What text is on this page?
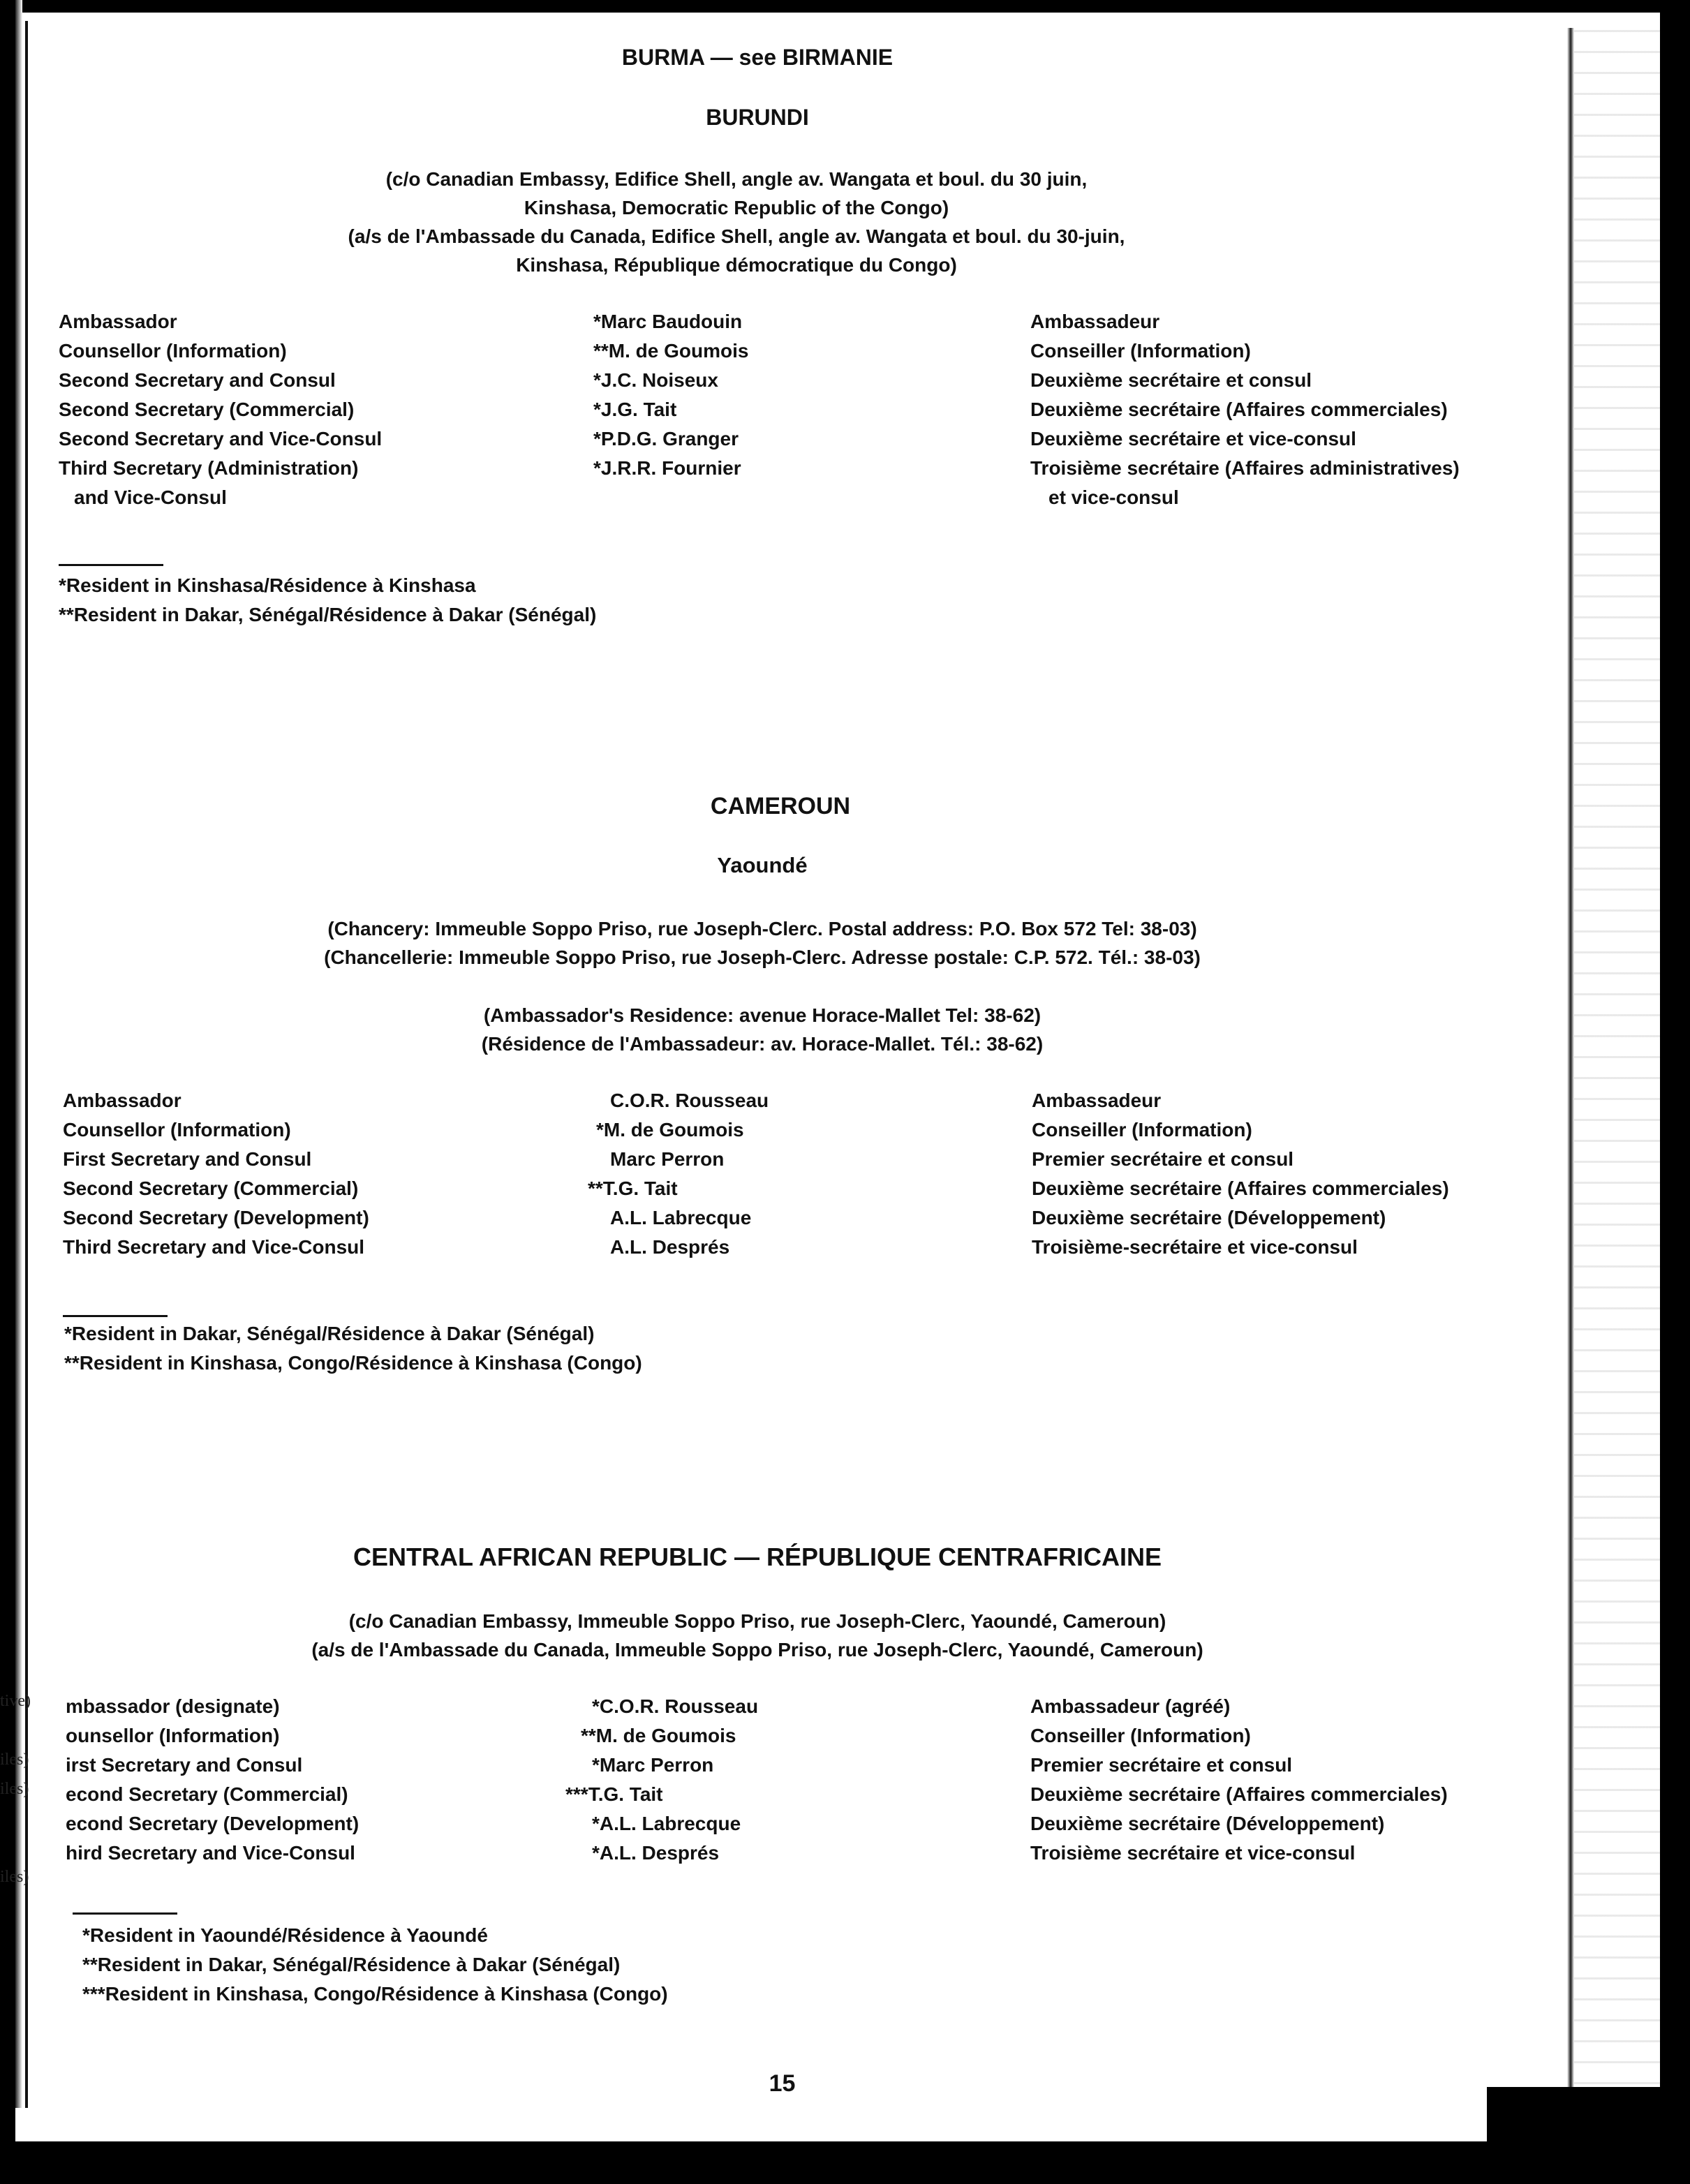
tive)
iles)
iles)
iles)
BURMA — see BIRMANIE
BURUNDI
(c/o Canadian Embassy, Edifice Shell, angle av. Wangata et boul. du 30 juin,
Kinshasa, Democratic Republic of the Congo)
(a/s de l'Ambassade du Canada, Edifice Shell, angle av. Wangata et boul. du 30-juin,
Kinshasa, République démocratique du Congo)
Ambassador
Counsellor (Information)
Second Secretary and Consul
Second Secretary (Commercial)
Second Secretary and Vice-Consul
Third Secretary (Administration)
and Vice-Consul
*Marc Baudouin
**M. de Goumois
*J.C. Noiseux
*J.G. Tait
*P.D.G. Granger
*J.R.R. Fournier
Ambassadeur
Conseiller (Information)
Deuxième secrétaire et consul
Deuxième secrétaire (Affaires commerciales)
Deuxième secrétaire et vice-consul
Troisième secrétaire (Affaires administratives)
et vice-consul
*Resident in Kinshasa/Résidence à Kinshasa
**Resident in Dakar, Sénégal/Résidence à Dakar (Sénégal)
CAMEROUN
Yaoundé
(Chancery: Immeuble Soppo Priso, rue Joseph-Clerc. Postal address: P.O. Box 572 Tel: 38-03)
(Chancellerie: Immeuble Soppo Priso, rue Joseph-Clerc. Adresse postale: C.P. 572. Tél.: 38-03)
(Ambassador's Residence: avenue Horace-Mallet Tel: 38-62)
(Résidence de l'Ambassadeur: av. Horace-Mallet. Tél.: 38-62)
Ambassador
Counsellor (Information)
First Secretary and Consul
Second Secretary (Commercial)
Second Secretary (Development)
Third Secretary and Vice-Consul
C.O.R. Rousseau
*M. de Goumois
Marc Perron
**T.G. Tait
A.L. Labrecque
A.L. Després
Ambassadeur
Conseiller (Information)
Premier secrétaire et consul
Deuxième secrétaire (Affaires commerciales)
Deuxième secrétaire (Développement)
Troisième-secrétaire et vice-consul
*Resident in Dakar, Sénégal/Résidence à Dakar (Sénégal)
**Resident in Kinshasa, Congo/Résidence à Kinshasa (Congo)
CENTRAL AFRICAN REPUBLIC — RÉPUBLIQUE CENTRAFRICAINE
(c/o Canadian Embassy, Immeuble Soppo Priso, rue Joseph-Clerc, Yaoundé, Cameroun)
(a/s de l'Ambassade du Canada, Immeuble Soppo Priso, rue Joseph-Clerc, Yaoundé, Cameroun)
mbassador (designate)
ounsellor (Information)
irst Secretary and Consul
econd Secretary (Commercial)
econd Secretary (Development)
hird Secretary and Vice-Consul
*C.O.R. Rousseau
**M. de Goumois
*Marc Perron
***T.G. Tait
*A.L. Labrecque
*A.L. Després
Ambassadeur (agréé)
Conseiller (Information)
Premier secrétaire et consul
Deuxième secrétaire (Affaires commerciales)
Deuxième secrétaire (Développement)
Troisième secrétaire et vice-consul
*Resident in Yaoundé/Résidence à Yaoundé
**Resident in Dakar, Sénégal/Résidence à Dakar (Sénégal)
***Resident in Kinshasa, Congo/Résidence à Kinshasa (Congo)
15
